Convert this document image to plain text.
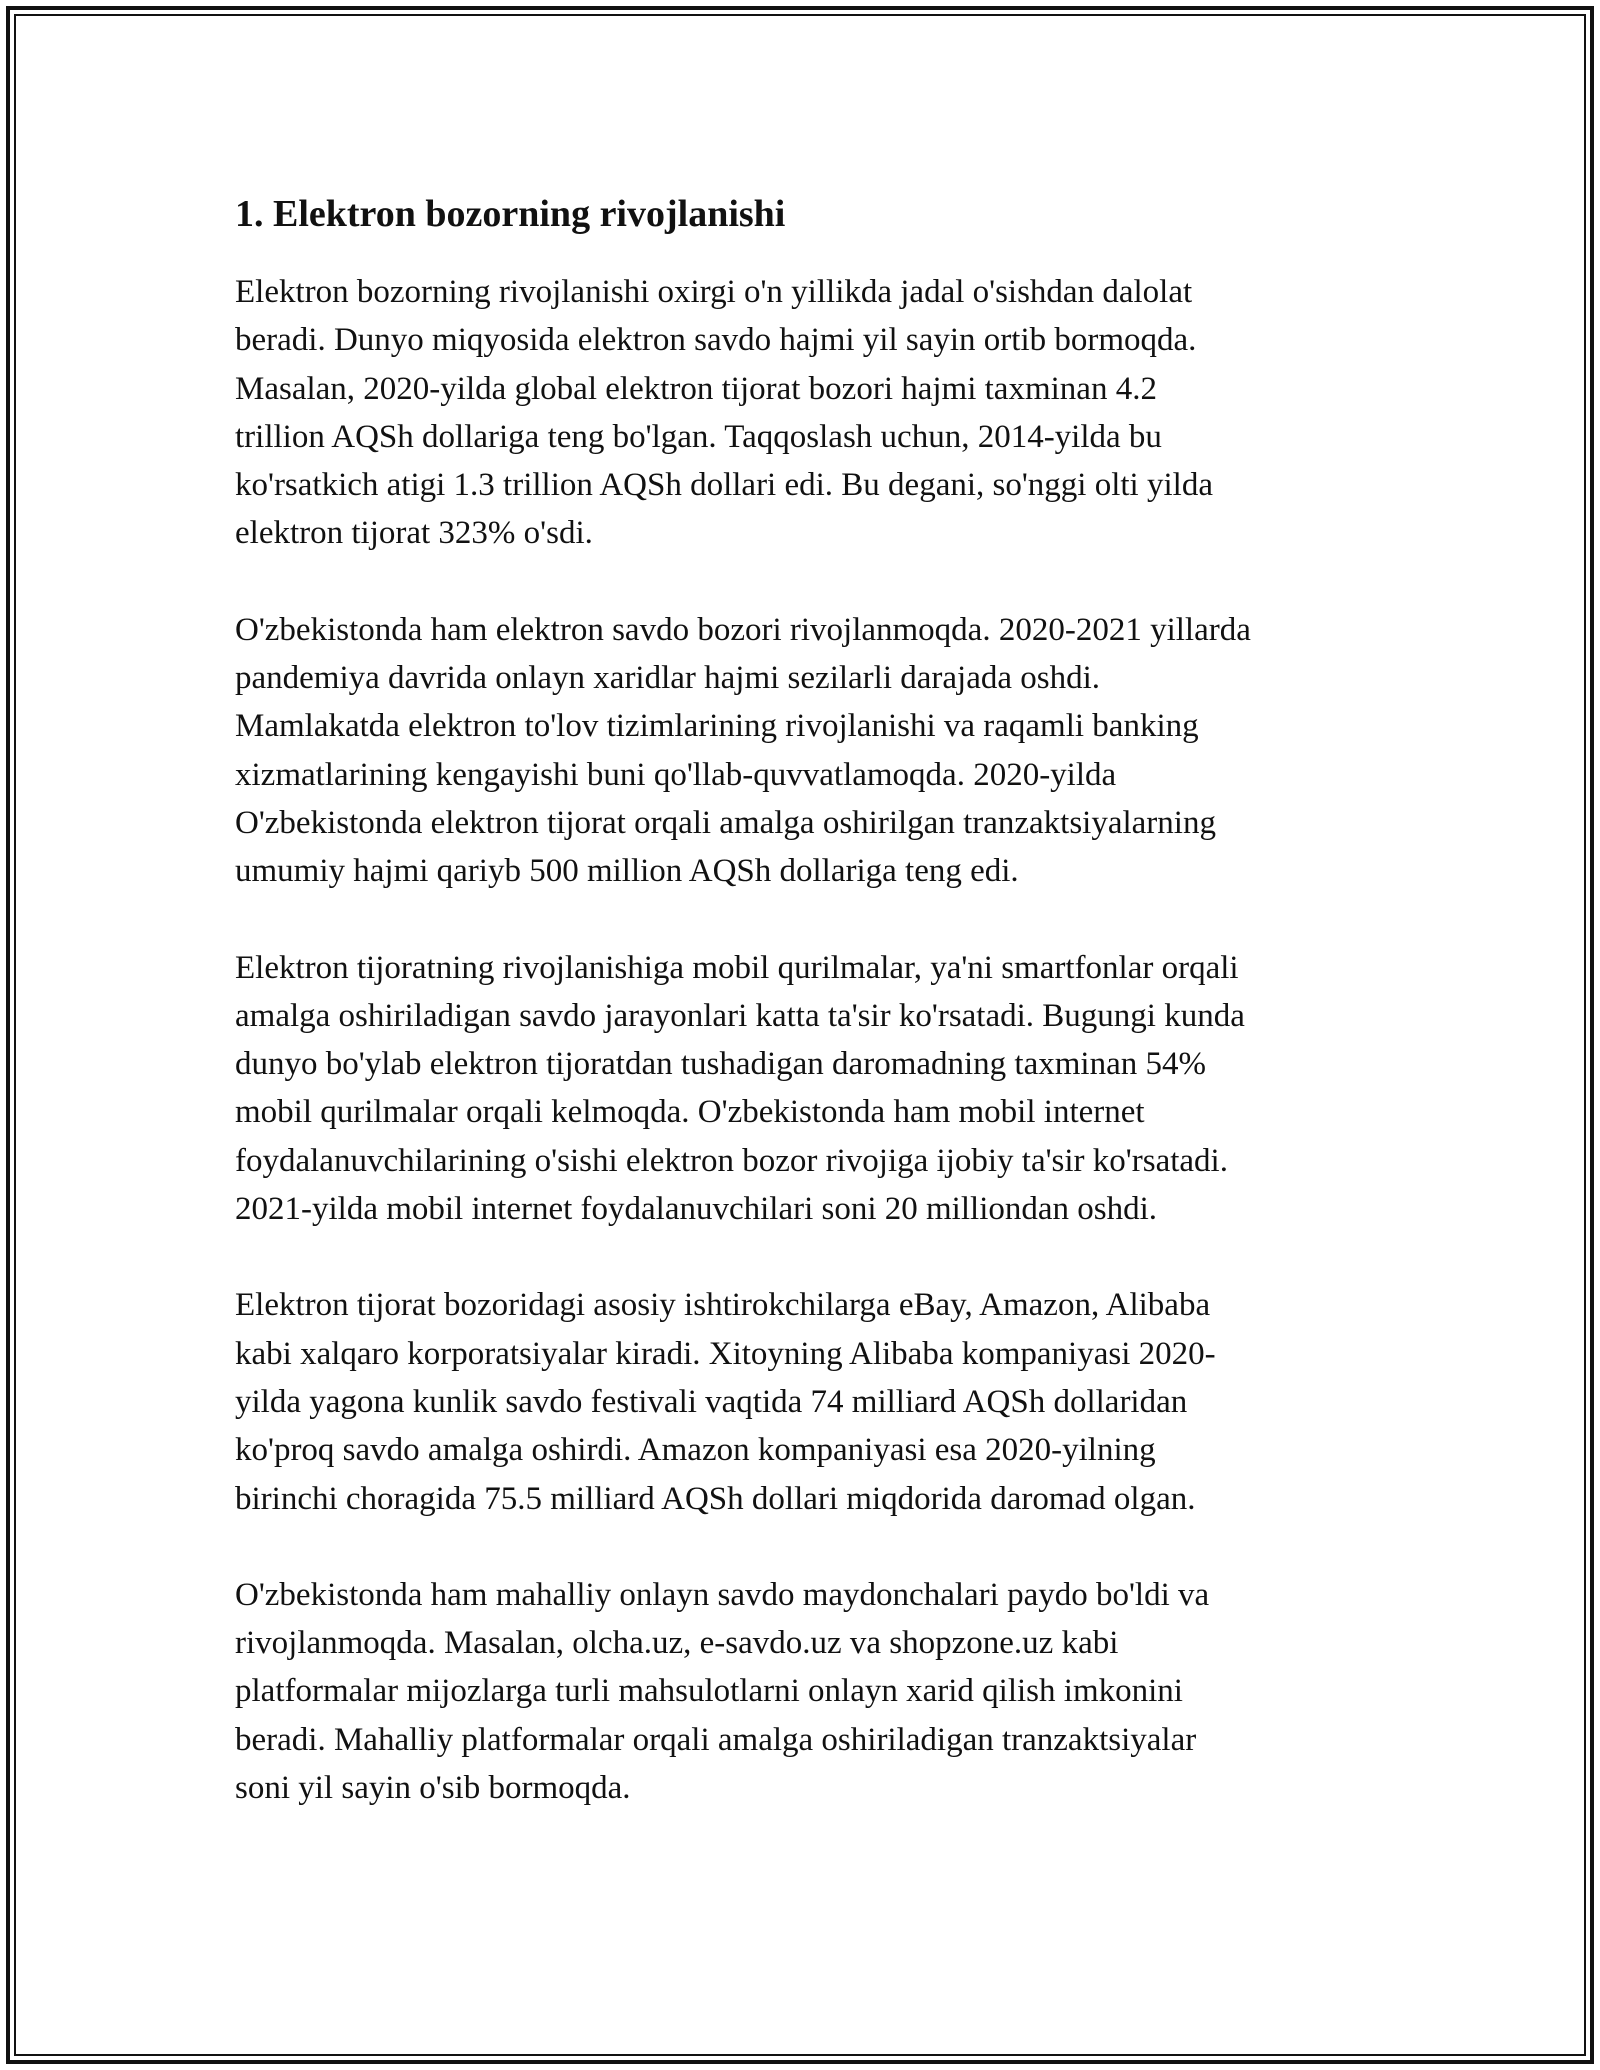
1. Elektron bozorning rivojlanishi

Elektron bozorning rivojlanishi oxirgi o'n yillikda jadal o'sishdan dalolat
beradi. Dunyo miqyosida elektron savdo hajmi yil sayin ortib bormoqda.
Masalan, 2020-yilda global elektron tijorat bozori hajmi taxminan 4.2
trillion AQSh dollariga teng bo'lgan. Taqqoslash uchun, 2014-yilda bu
ko'rsatkich atigi 1.3 trillion AQSh dollari edi. Bu degani, so'nggi olti yilda
elektron tijorat 323% o'sdi.

O'zbekistonda ham elektron savdo bozori rivojlanmoqda. 2020-2021 yillarda
pandemiya davrida onlayn xaridlar hajmi sezilarli darajada oshdi.
Mamlakatda elektron to'lov tizimlarining rivojlanishi va raqamli banking
xizmatlarining kengayishi buni qo'llab-quvvatlamoqda. 2020-yilda
O'zbekistonda elektron tijorat orqali amalga oshirilgan tranzaktsiyalarning
umumiy hajmi qariyb 500 million AQSh dollariga teng edi.

Elektron tijoratning rivojlanishiga mobil qurilmalar, ya'ni smartfonlar orqali
amalga oshiriladigan savdo jarayonlari katta ta'sir ko'rsatadi. Bugungi kunda
dunyo bo'ylab elektron tijoratdan tushadigan daromadning taxminan 54%
mobil qurilmalar orqali kelmoqda. O'zbekistonda ham mobil internet
foydalanuvchilarining o'sishi elektron bozor rivojiga ijobiy ta'sir ko'rsatadi.
2021-yilda mobil internet foydalanuvchilari soni 20 milliondan oshdi.

Elektron tijorat bozoridagi asosiy ishtirokchilarga eBay, Amazon, Alibaba
kabi xalqaro korporatsiyalar kiradi. Xitoyning Alibaba kompaniyasi 2020-
yilda yagona kunlik savdo festivali vaqtida 74 milliard AQSh dollaridan
ko'proq savdo amalga oshirdi. Amazon kompaniyasi esa 2020-yilning
birinchi choragida 75.5 milliard AQSh dollari miqdorida daromad olgan.

O'zbekistonda ham mahalliy onlayn savdo maydonchalari paydo bo'ldi va
rivojlanmoqda. Masalan, olcha.uz, e-savdo.uz va shopzone.uz kabi
platformalar mijozlarga turli mahsulotlarni onlayn xarid qilish imkonini
beradi. Mahalliy platformalar orqali amalga oshiriladigan tranzaktsiyalar
soni yil sayin o'sib bormoqda.
